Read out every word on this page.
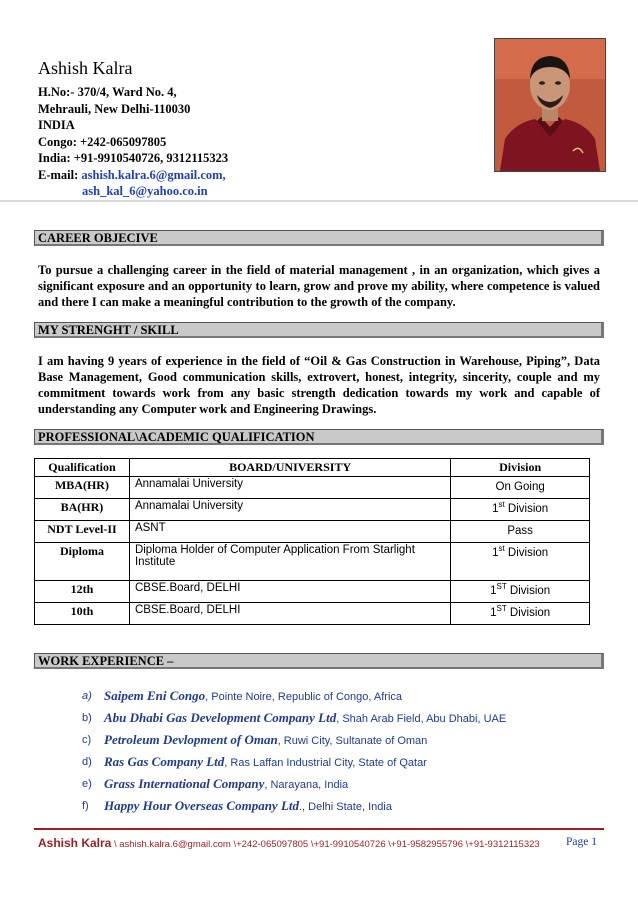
Ashish Kalra
H.No:- 370/4, Ward No. 4,
Mehrauli, New Delhi-110030
INDIA
Congo: +242-065097805
India: +91-9910540726, 9312115323
E-mail: ashish.kalra.6@gmail.com,
ash_kal_6@yahoo.co.in
CAREER OBJECIVE
To pursue a challenging career in the field of material management , in an organization, which gives a significant exposure and an opportunity to learn, grow and prove my ability, where competence is valued and there I can make a meaningful contribution to the growth of the company.
MY STRENGHT / SKILL
I am having 9 years of experience in the field of “Oil & Gas Construction in Warehouse, Piping”, Data Base Management, Good communication skills, extrovert, honest, integrity, sincerity, couple and my commitment towards work from any basic strength dedication towards my work and capable of understanding any Computer work and Engineering Drawings.
PROFESSIONAL\ACADEMIC QUALIFICATION
Qualification	BOARD/UNIVERSITY	Division
MBA(HR)	Annamalai University	On Going
BA(HR)	Annamalai University	1st Division
NDT Level-II	ASNT	Pass
Diploma	Diploma Holder of Computer Application From Starlight Institute	1st Division
12th	CBSE.Board, DELHI	1ST Division
10th	CBSE.Board, DELHI	1ST Division
WORK EXPERIENCE –
a) Saipem Eni Congo, Pointe Noire, Republic of Congo, Africa
b) Abu Dhabi Gas Development Company Ltd, Shah Arab Field, Abu Dhabi, UAE
c) Petroleum Devlopment of Oman, Ruwi City, Sultanate of Oman
d) Ras Gas Company Ltd, Ras Laffan Industrial City, State of Qatar
e) Grass International Company, Narayana, India
f) Happy Hour Overseas Company Ltd., Delhi State, India
Ashish Kalra \ ashish.kalra.6@gmail.com \+242-065097805 \+91-9910540726 \+91-9582955796 \+91-9312115323 Page 1
